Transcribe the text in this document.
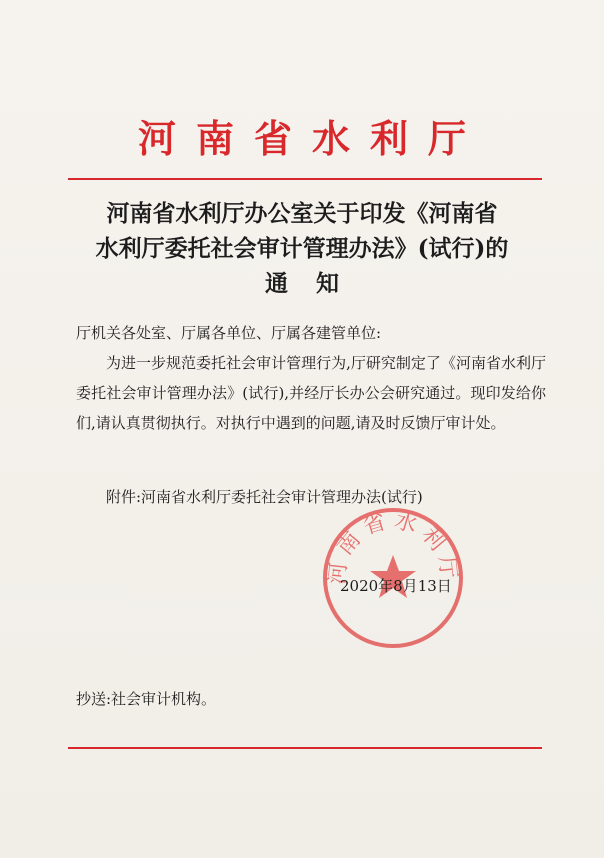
河南省水利厅
河南省水利厅办公室关于印发《河南省
水利厅委托社会审计管理办法》(试行)的
通知

厅机关各处室、厅属各单位、厅属各建管单位:

为进一步规范委托社会审计管理行为,厅研究制定了《河南省水利厅委托社会审计管理办法》(试行),并经厅长办公会研究通过。现印发给你们,请认真贯彻执行。对执行中遇到的问题,请及时反馈厅审计处。

附件:河南省水利厅委托社会审计管理办法(试行)
河南省水利厅
2020年8月13日
抄送:社会审计机构。
